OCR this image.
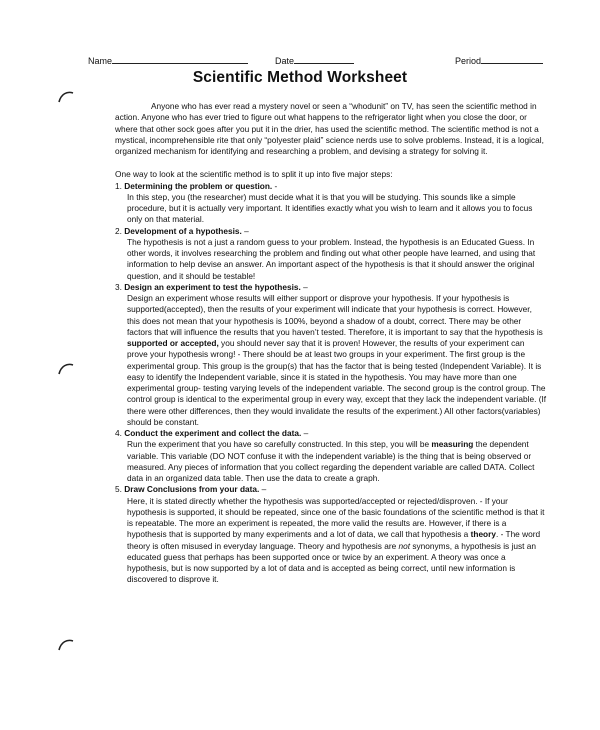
Name	Date	Period
Scientific Method Worksheet

Anyone who has ever read a mystery novel or seen a “whodunit” on TV, has seen the scientific method in action. Anyone who has ever tried to figure out what happens to the refrigerator light when you close the door, or where that other sock goes after you put it in the drier, has used the scientific method. The scientific method is not a mystical, incomprehensible rite that only “polyester plaid” science nerds use to solve problems. Instead, it is a logical, organized mechanism for identifying and researching a problem, and devising a strategy for solving it.

One way to look at the scientific method is to split it up into five major steps:

1. Determining the problem or question. -

In this step, you (the researcher) must decide what it is that you will be studying. This sounds like a simple procedure, but it is actually very important. It identifies exactly what you wish to learn and it allows you to focus only on that material.

2. Development of a hypothesis. –

The hypothesis is not a just a random guess to your problem. Instead, the hypothesis is an Educated Guess. In other words, it involves researching the problem and finding out what other people have learned, and using that information to help devise an answer. An important aspect of the hypothesis is that it should answer the original question, and it should be testable!

3. Design an experiment to test the hypothesis. –

Design an experiment whose results will either support or disprove your hypothesis. If your hypothesis is supported(accepted), then the results of your experiment will indicate that your hypothesis is correct. However, this does not mean that your hypothesis is 100%, beyond a shadow of a doubt, correct. There may be other factors that will influence the results that you haven’t tested. Therefore, it is important to say that the hypothesis is supported or accepted, you should never say that it is proven! However, the results of your experiment can prove your hypothesis wrong! - There should be at least two groups in your experiment. The first group is the experimental group. This group is the group(s) that has the factor that is being tested (Independent Variable). It is easy to identify the Independent variable, since it is stated in the hypothesis. You may have more than one experimental group- testing varying levels of the independent variable. The second group is the control group. The control group is identical to the experimental group in every way, except that they lack the independent variable. (If there were other differences, then they would invalidate the results of the experiment.) All other factors(variables) should be constant.

4. Conduct the experiment and collect the data. –

Run the experiment that you have so carefully constructed. In this step, you will be measuring the dependent variable. This variable (DO NOT confuse it with the independent variable) is the thing that is being observed or measured. Any pieces of information that you collect regarding the dependent variable are called DATA. Collect data in an organized data table. Then use the data to create a graph.

5. Draw Conclusions from your data. –

Here, it is stated directly whether the hypothesis was supported/accepted or rejected/disproven. - If your hypothesis is supported, it should be repeated, since one of the basic foundations of the scientific method is that it is repeatable. The more an experiment is repeated, the more valid the results are. However, if there is a hypothesis that is supported by many experiments and a lot of data, we call that hypothesis a theory. - The word theory is often misused in everyday language. Theory and hypothesis are not synonyms, a hypothesis is just an educated guess that perhaps has been supported once or twice by an experiment. A theory was once a hypothesis, but is now supported by a lot of data and is accepted as being correct, until new information is discovered to disprove it.
